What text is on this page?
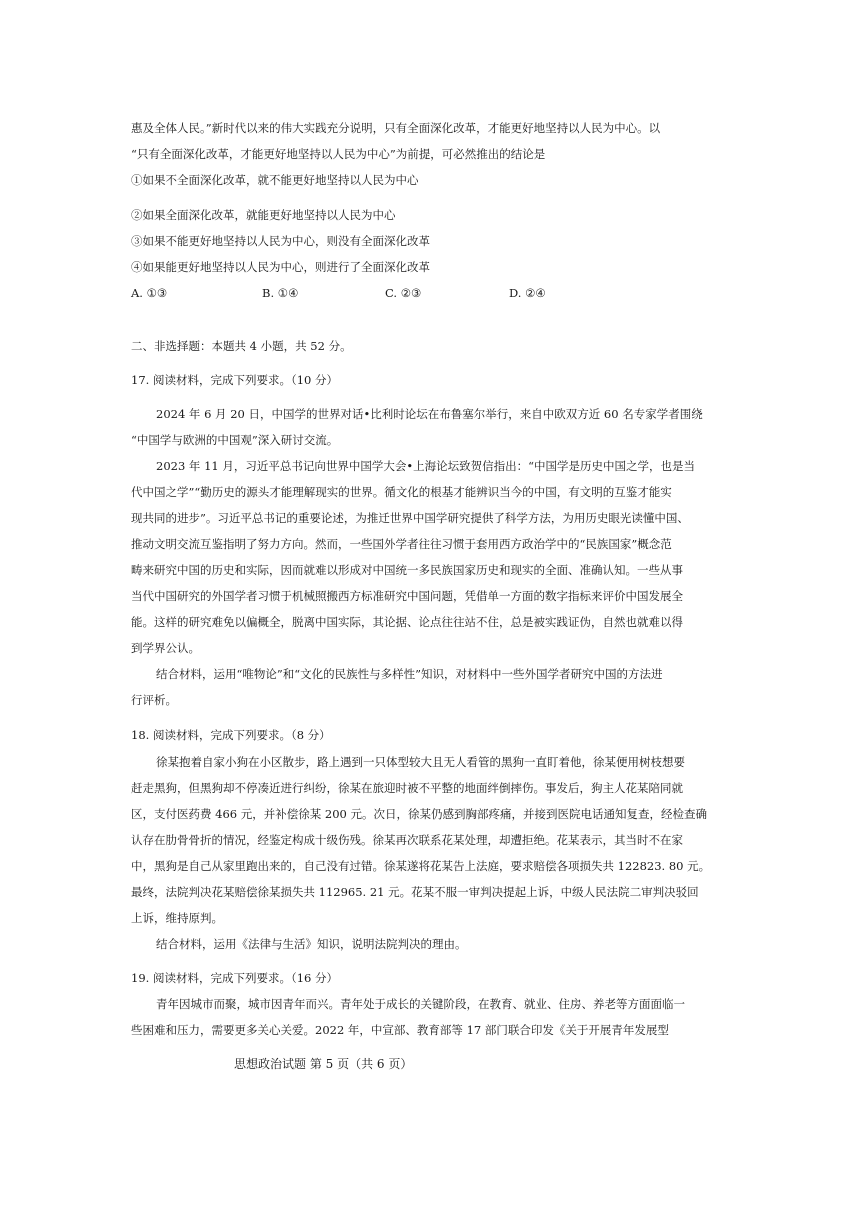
惠及全体人民。”新时代以来的伟大实践充分说明，只有全面深化改革，才能更好地坚持以人民为中心。以
“只有全面深化改革，才能更好地坚持以人民为中心”为前提，可必然推出的结论是
①如果不全面深化改革，就不能更好地坚持以人民为中心
②如果全面深化改革，就能更好地坚持以人民为中心
③如果不能更好地坚持以人民为中心，则没有全面深化改革
④如果能更好地坚持以人民为中心，则进行了全面深化改革
A. ①③	B. ①④	C. ②③	D. ②④
二、非选择题：本题共 4 小题，共 52 分。
17. 阅读材料，完成下列要求。（10 分）
2024 年 6 月 20 日，中国学的世界对话•比利时论坛在布鲁塞尔举行，来自中欧双方近 60 名专家学者围绕
“中国学与欧洲的中国观”深入研讨交流。
2023 年 11 月，习近平总书记向世界中国学大会•上海论坛致贺信指出：“中国学是历史中国之学，也是当
代中国之学”“勤历史的源头才能理解现实的世界。循文化的根基才能辨识当今的中国，有文明的互鉴才能实
现共同的进步”。习近平总书记的重要论述，为推迁世界中国学研究提供了科学方法，为用历史眼光读懂中国、
推动文明交流互鉴指明了努力方向。然而，一些国外学者往往习惯于套用西方政治学中的“民族国家”概念范
畴来研究中国的历史和实际，因而就难以形成对中国统一多民族国家历史和现实的全面、准确认知。一些从事
当代中国研究的外国学者习惯于机械照搬西方标准研究中国问题，凭借单一方面的数字指标来评价中国发展全
能。这样的研究难免以偏概全，脱离中国实际，其论据、论点往往站不住，总是被实践证伪，自然也就难以得
到学界公认。
结合材料，运用“唯物论”和“文化的民族性与多样性”知识，对材料中一些外国学者研究中国的方法进
行评析。
18. 阅读材料，完成下列要求。（8 分）
徐某抱着自家小狗在小区散步，路上遇到一只体型较大且无人看管的黑狗一直盯着他，徐某便用树枝想要
赶走黑狗，但黑狗却不停凑近进行纠纷，徐某在旅迎时被不平整的地面绊倒摔伤。事发后，狗主人花某陪同就
区，支付医药费 466 元，并补偿徐某 200 元。次日，徐某仍感到胸部疼痛，并接到医院电话通知复查，经检查确
认存在肋骨骨折的情况，经鉴定构成十级伤残。徐某再次联系花某处理，却遭拒绝。花某表示，其当时不在家
中，黑狗是自己从家里跑出来的，自己没有过错。徐某遂将花某告上法庭，要求赔偿各项损失共 122823. 80 元。
最终，法院判决花某赔偿徐某损失共 112965. 21 元。花某不服一审判决提起上诉，中级人民法院二审判决驳回
上诉，维持原判。
结合材料，运用《法律与生活》知识，说明法院判决的理由。
19. 阅读材料，完成下列要求。（16 分）
青年因城市而聚，城市因青年而兴。青年处于成长的关键阶段，在教育、就业、住房、养老等方面面临一
些困难和压力，需要更多关心关爱。2022 年，中宣部、教育部等 17 部门联合印发《关于开展青年发展型
思想政治试题 第 5 页（共 6 页）
